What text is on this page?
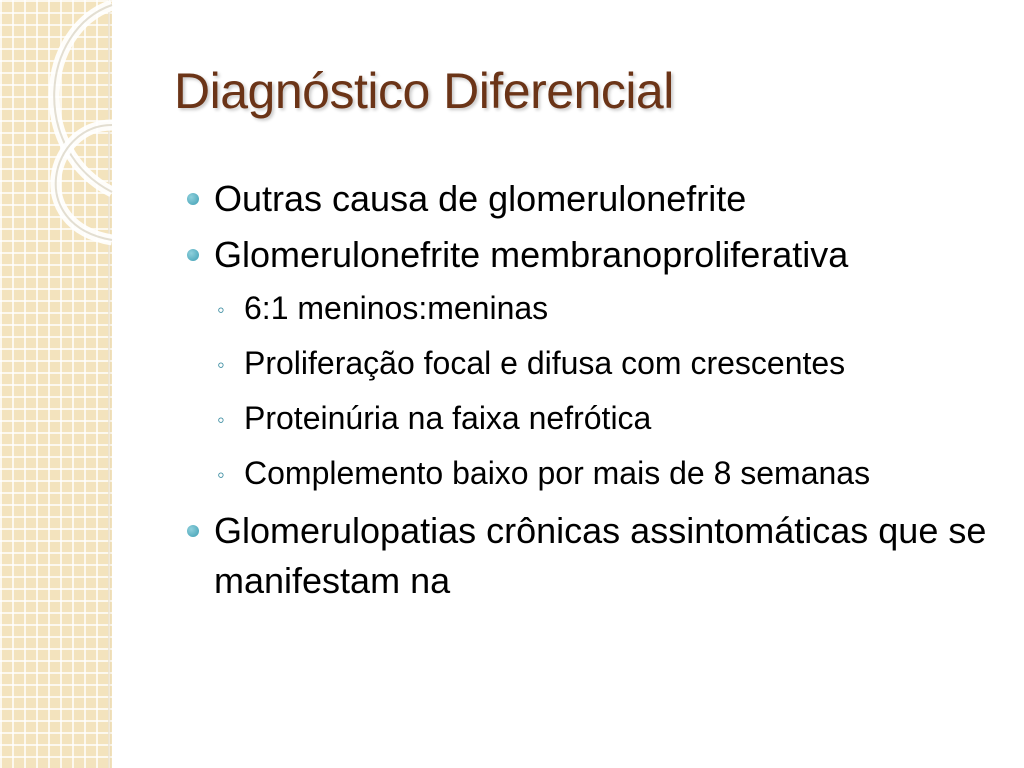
Diagnóstico Diferencial
Outras causa de glomerulonefrite
Glomerulonefrite membranoproliferativa
◦ 6:1 meninos:meninas
◦ Proliferação focal e difusa com crescentes
◦ Proteinúria na faixa nefrótica
◦ Complemento baixo por mais de 8 semanas
Glomerulopatias crônicas assintomáticas que se manifestam na
